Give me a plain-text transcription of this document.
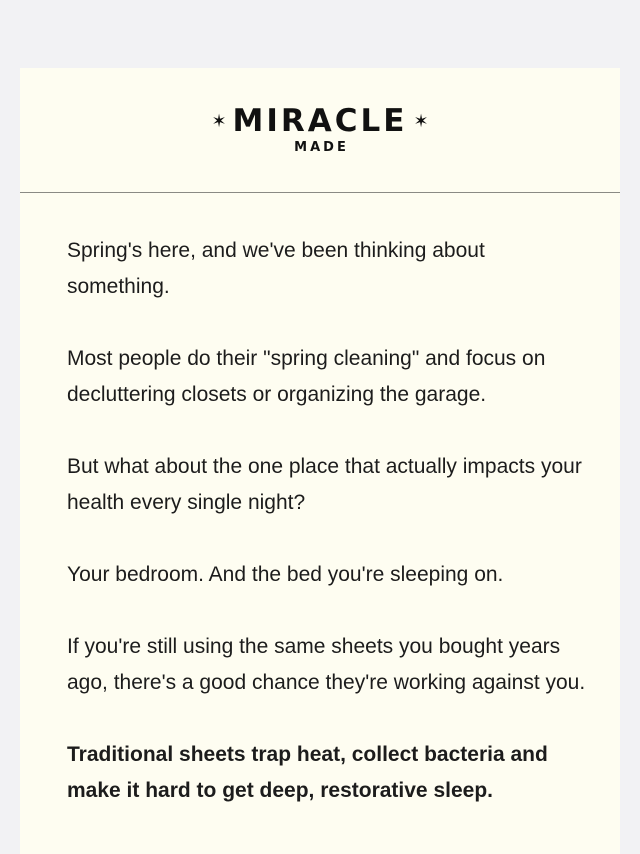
✶ MIRACLE ✶
MADE

Spring's here, and we've been thinking about something.

Most people do their "spring cleaning" and focus on decluttering closets or organizing the garage.

But what about the one place that actually impacts your health every single night?

Your bedroom. And the bed you're sleeping on.

If you're still using the same sheets you bought years ago, there's a good chance they're working against you.

Traditional sheets trap heat, collect bacteria and make it hard to get deep, restorative sleep.
